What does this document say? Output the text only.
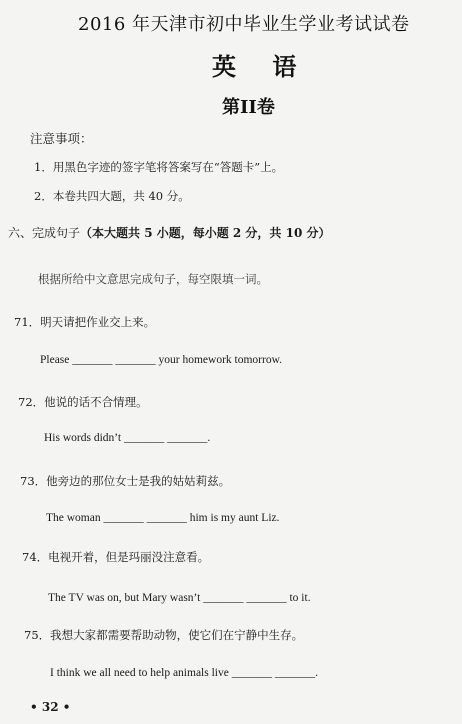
2016 年天津市初中毕业生学业考试试卷
英 语
第II卷
注意事项：
1．用黑色字迹的签字笔将答案写在“答题卡”上。
2．本卷共四大题，共 40 分。
六、完成句子（本大题共 5 小题，每小题 2 分，共 10 分）
根据所给中文意思完成句子，每空限填一词。
71．明天请把作业交上来。
Please _______ _______ your homework tomorrow.
72．他说的话不合情理。
His words didn’t _______ _______.
73．他旁边的那位女士是我的姑姑莉兹。
The woman _______ _______ him is my aunt Liz.
74．电视开着，但是玛丽没注意看。
The TV was on, but Mary wasn’t _______ _______ to it.
75．我想大家都需要帮助动物，使它们在宁静中生存。
I think we all need to help animals live _______ _______.
• 32 •
